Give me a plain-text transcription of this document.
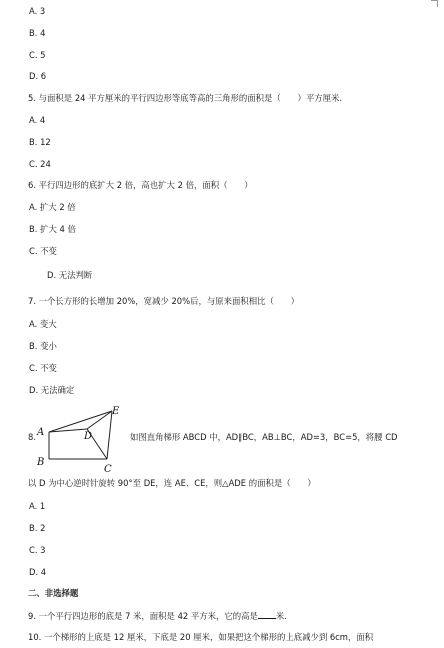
A. 3
B. 4
C. 5
D. 6
5. 与面积是 24 平方厘米的平行四边形等底等高的三角形的面积是（　　）平方厘米.
A. 4
B. 12
C. 24
6. 平行四边形的底扩大 2 倍，高也扩大 2 倍，面积（　　）
A. 扩大 2 倍
B. 扩大 4 倍
C. 不变
D. 无法判断
7. 一个长方形的长增加 20%，宽减少 20%后，与原来面积相比（　　）
A. 变大
B. 变小
C. 不变
D. 无法确定
8. A
B
C
D
E
如图直角梯形 ABCD 中，AD∥BC，AB⊥BC，AD=3，BC=5，将腰 CD
以 D 为中心逆时针旋转 90°至 DE，连 AE、CE，则△ADE 的面积是（　　）
A. 1
B. 2
C. 3
D. 4
二、非选择题
9. 一个平行四边形的底是 7 米，面积是 42 平方米，它的高是 米.
10. 一个梯形的上底是 12 厘米，下底是 20 厘米，如果把这个梯形的上底减少到 6cm，面积
